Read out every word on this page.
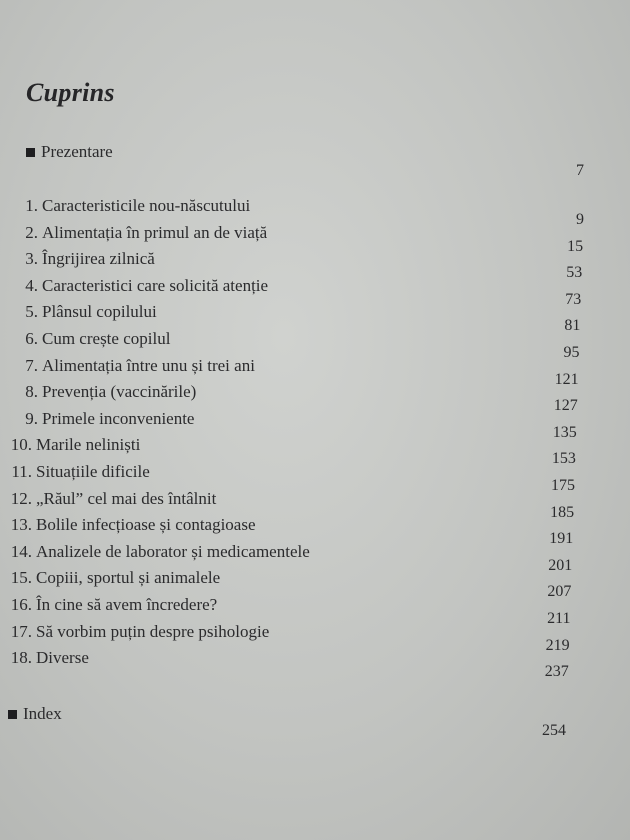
Cuprins
Prezentare
7
1. Caracteristicile nou-născutului
9
2. Alimentația în primul an de viață
15
3. Îngrijirea zilnică
53
4. Caracteristici care solicită atenție
73
5. Plânsul copilului
81
6. Cum crește copilul
95
7. Alimentația între unu și trei ani
121
8. Prevenția (vaccinările)
127
9. Primele inconveniente
135
10. Marile neliniști
153
11. Situațiile dificile
175
12. „Răul” cel mai des întâlnit
185
13. Bolile infecțioase și contagioase
191
14. Analizele de laborator și medicamentele
201
15. Copiii, sportul și animalele
207
16. În cine să avem încredere?
211
17. Să vorbim puțin despre psihologie
219
18. Diverse
237
Index
254
